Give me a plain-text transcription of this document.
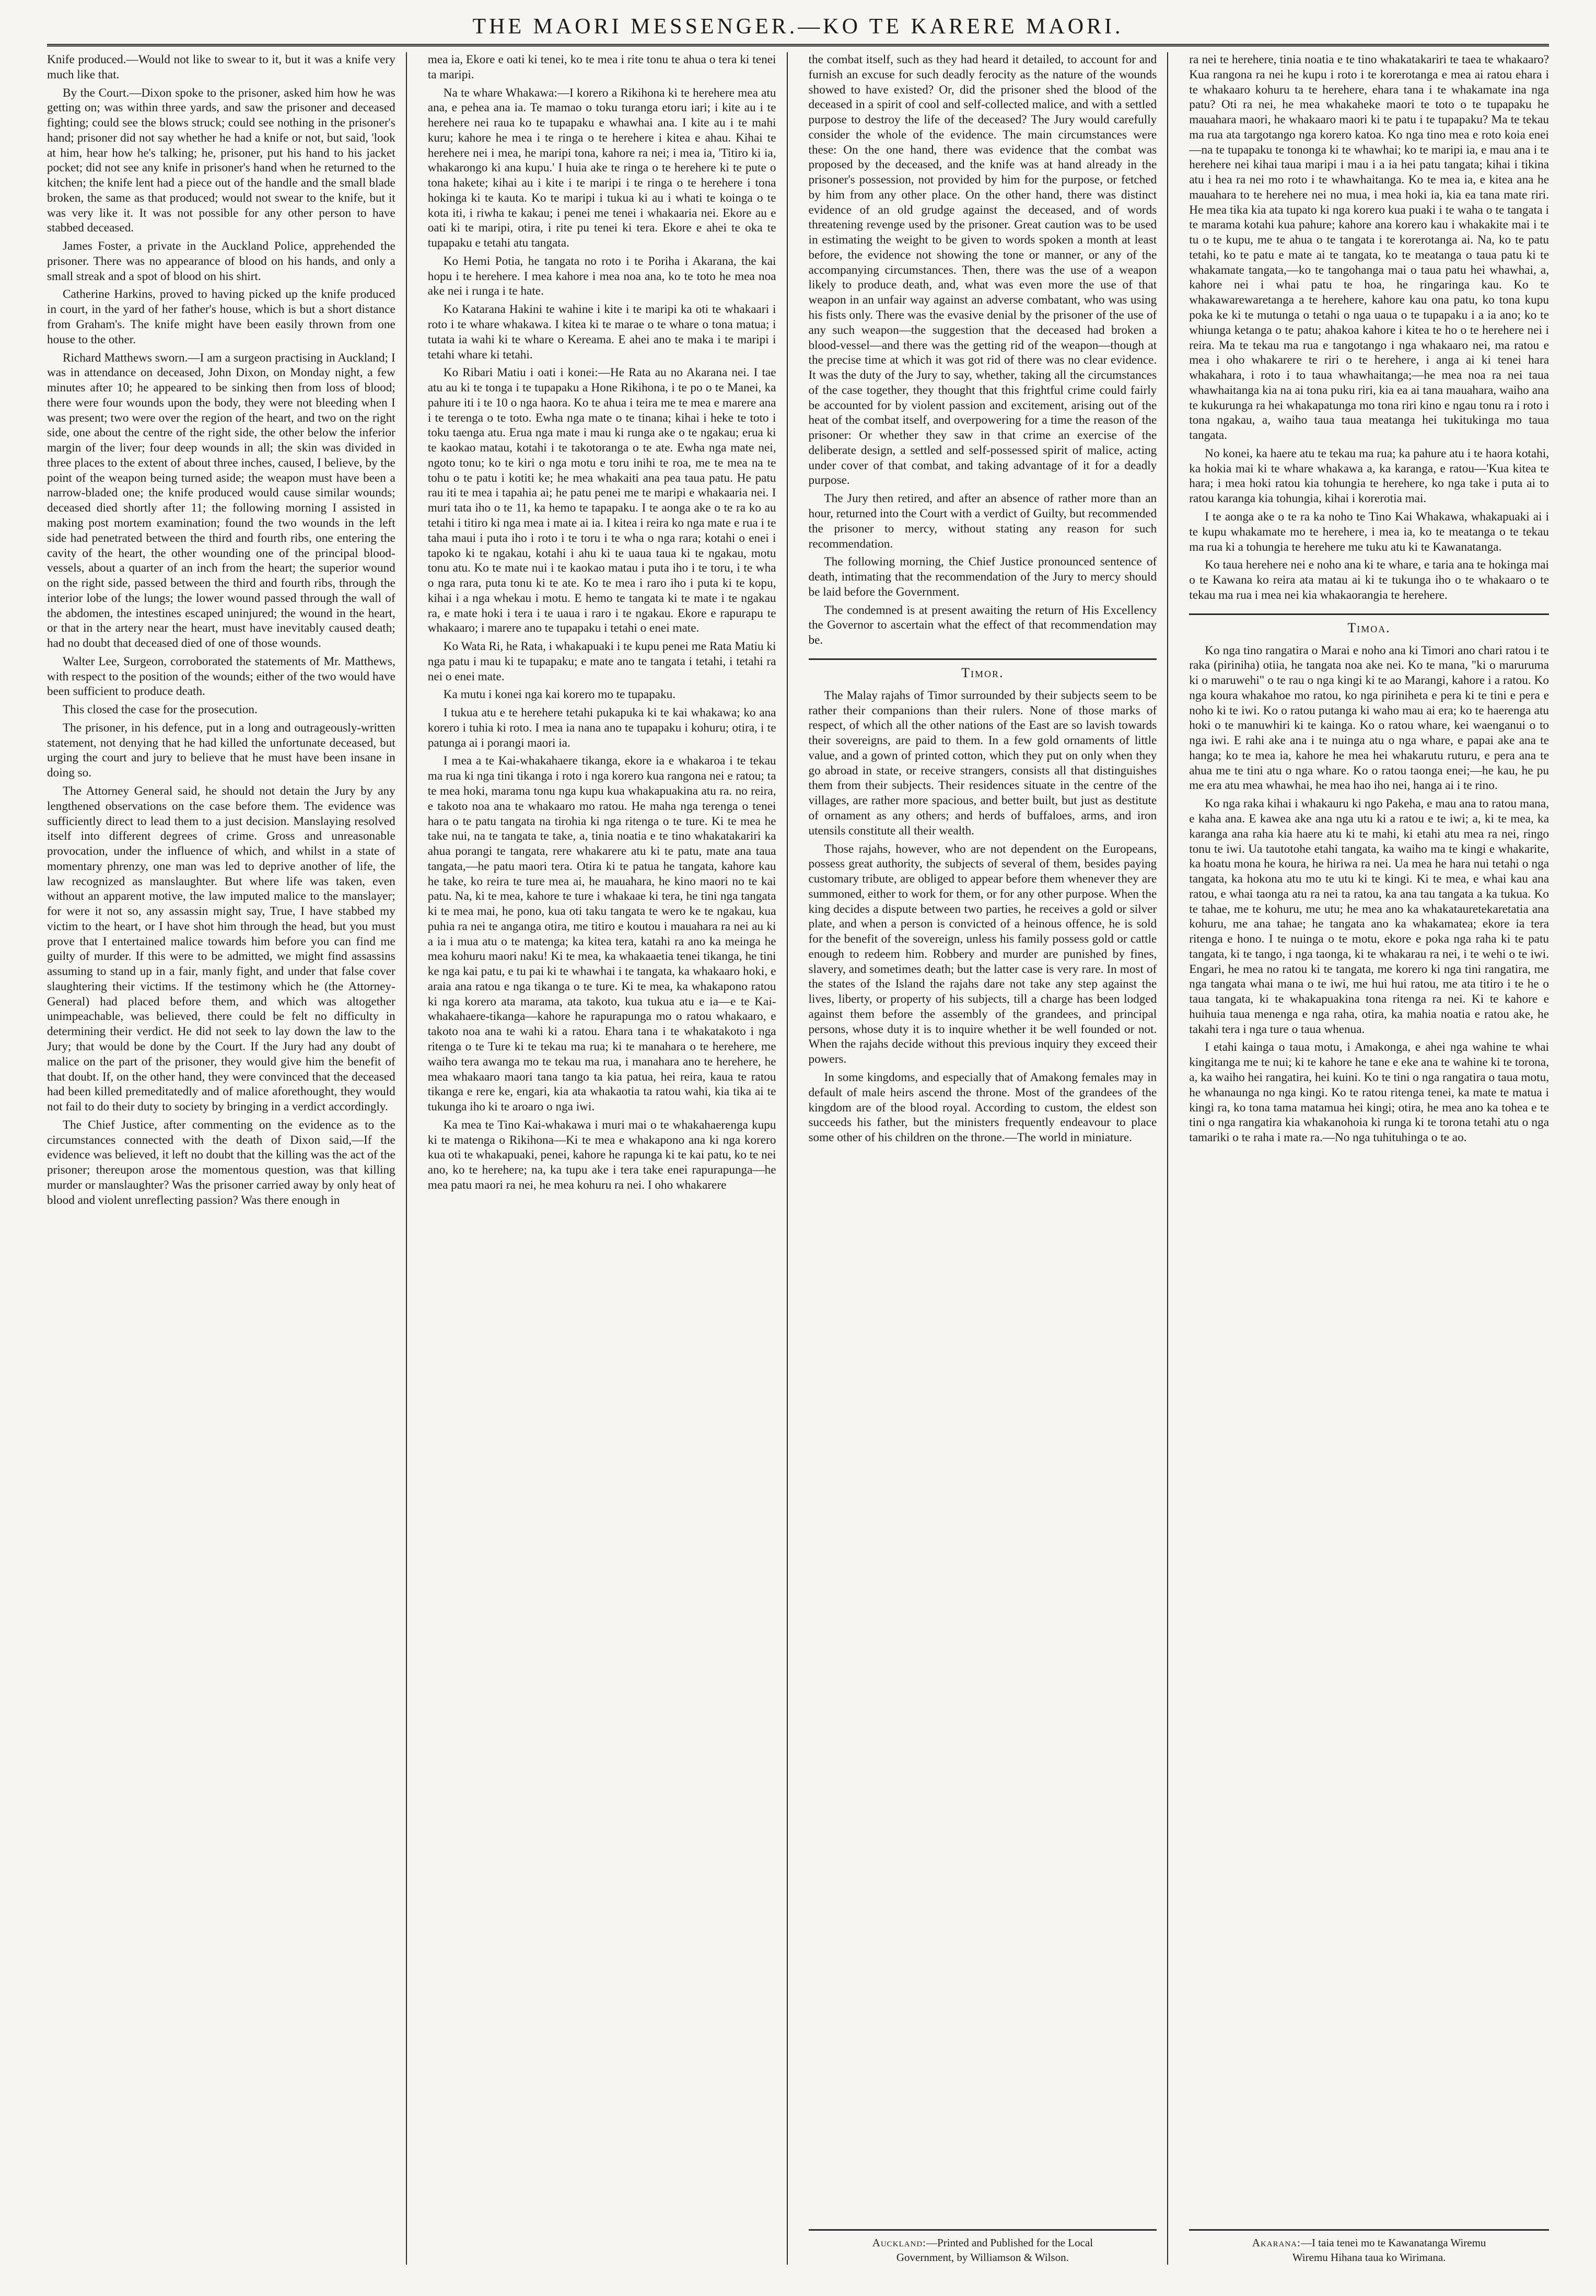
THE MAORI MESSENGER.—KO TE KARERE MAORI.

Knife produced.—Would not like to swear to it, but it was a knife very much like that.

By the Court.—Dixon spoke to the prisoner, asked him how he was getting on; was within three yards, and saw the prisoner and deceased fighting; could see the blows struck; could see nothing in the prisoner's hand; prisoner did not say whether he had a knife or not, but said, 'look at him, hear how he's talking; he, prisoner, put his hand to his jacket pocket; did not see any knife in prisoner's hand when he returned to the kitchen; the knife lent had a piece out of the handle and the small blade broken, the same as that produced; would not swear to the knife, but it was very like it. It was not possible for any other person to have stabbed deceased.

James Foster, a private in the Auckland Police, apprehended the prisoner. There was no appearance of blood on his hands, and only a small streak and a spot of blood on his shirt.

Catherine Harkins, proved to having picked up the knife produced in court, in the yard of her father's house, which is but a short distance from Graham's. The knife might have been easily thrown from one house to the other.

Richard Matthews sworn.—I am a surgeon practising in Auckland; I was in attendance on deceased, John Dixon, on Monday night, a few minutes after 10; he appeared to be sinking then from loss of blood; there were four wounds upon the body, they were not bleeding when I was present; two were over the region of the heart, and two on the right side, one about the centre of the right side, the other below the inferior margin of the liver; four deep wounds in all; the skin was divided in three places to the extent of about three inches, caused, I believe, by the point of the weapon being turned aside; the weapon must have been a narrow-bladed one; the knife produced would cause similar wounds; deceased died shortly after 11; the following morning I assisted in making post mortem examination; found the two wounds in the left side had penetrated between the third and fourth ribs, one entering the cavity of the heart, the other wounding one of the principal blood-vessels, about a quarter of an inch from the heart; the superior wound on the right side, passed between the third and fourth ribs, through the interior lobe of the lungs; the lower wound passed through the wall of the abdomen, the intestines escaped uninjured; the wound in the heart, or that in the artery near the heart, must have inevitably caused death; had no doubt that deceased died of one of those wounds.

Walter Lee, Surgeon, corroborated the statements of Mr. Matthews, with respect to the position of the wounds; either of the two would have been sufficient to produce death.

This closed the case for the prosecution.

The prisoner, in his defence, put in a long and outrageously-written statement, not denying that he had killed the unfortunate deceased, but urging the court and jury to believe that he must have been insane in doing so.

The Attorney General said, he should not detain the Jury by any lengthened observations on the case before them. The evidence was sufficiently direct to lead them to a just decision. Manslaying resolved itself into different degrees of crime. Gross and unreasonable provocation, under the influence of which, and whilst in a state of momentary phrenzy, one man was led to deprive another of life, the law recognized as manslaughter. But where life was taken, even without an apparent motive, the law imputed malice to the manslayer; for were it not so, any assassin might say, True, I have stabbed my victim to the heart, or I have shot him through the head, but you must prove that I entertained malice towards him before you can find me guilty of murder. If this were to be admitted, we might find assassins assuming to stand up in a fair, manly fight, and under that false cover slaughtering their victims. If the testimony which he (the Attorney-General) had placed before them, and which was altogether unimpeachable, was believed, there could be felt no difficulty in determining their verdict. He did not seek to lay down the law to the Jury; that would be done by the Court. If the Jury had any doubt of malice on the part of the prisoner, they would give him the benefit of that doubt. If, on the other hand, they were convinced that the deceased had been killed premeditatedly and of malice aforethought, they would not fail to do their duty to society by bringing in a verdict accordingly.

The Chief Justice, after commenting on the evidence as to the circumstances connected with the death of Dixon said,—If the evidence was believed, it left no doubt that the killing was the act of the prisoner; thereupon arose the momentous question, was that killing murder or manslaughter? Was the prisoner carried away by only heat of blood and violent unreflecting passion? Was there enough in

mea ia, Ekore e oati ki tenei, ko te mea i rite tonu te ahua o tera ki tenei ta maripi.

Na te whare Whakawa:—I korero a Rikihona ki te herehere mea atu ana, e pehea ana ia. Te mamao o toku turanga etoru iari; i kite au i te herehere nei raua ko te tupapaku e whawhai ana. I kite au i te mahi kuru; kahore he mea i te ringa o te herehere i kitea e ahau. Kihai te herehere nei i mea, he maripi tona, kahore ra nei; i mea ia, 'Titiro ki ia, whakarongo ki ana kupu.' I huia ake te ringa o te herehere ki te pute o tona hakete; kihai au i kite i te maripi i te ringa o te herehere i tona hokinga ki te kauta. Ko te maripi i tukua ki au i whati te koinga o te kota iti, i riwha te kakau; i penei me tenei i whakaaria nei. Ekore au e oati ki te maripi, otira, i rite pu tenei ki tera. Ekore e ahei te oka te tupapaku e tetahi atu tangata.

Ko Hemi Potia, he tangata no roto i te Poriha i Akarana, the kai hopu i te herehere. I mea kahore i mea noa ana, ko te toto he mea noa ake nei i runga i te hate.

Ko Katarana Hakini te wahine i kite i te maripi ka oti te whakaari i roto i te whare whakawa. I kitea ki te marae o te whare o tona matua; i tutata ia wahi ki te whare o Kereama. E ahei ano te maka i te maripi i tetahi whare ki tetahi.

Ko Ribari Matiu i oati i konei:—He Rata au no Akarana nei. I tae atu au ki te tonga i te tupapaku a Hone Rikihona, i te po o te Manei, ka pahure iti i te 10 o nga haora. Ko te ahua i teira me te mea e marere ana i te terenga o te toto. Ewha nga mate o te tinana; kihai i heke te toto i toku taenga atu. Erua nga mate i mau ki runga ake o te ngakau; erua ki te kaokao matau, kotahi i te takotoranga o te ate. Ewha nga mate nei, ngoto tonu; ko te kiri o nga motu e toru inihi te roa, me te mea na te tohu o te patu i kotiti ke; he mea whakaiti ana pea taua patu. He patu rau iti te mea i tapahia ai; he patu penei me te maripi e whakaaria nei. I muri tata iho o te 11, ka hemo te tapapaku. I te aonga ake o te ra ko au tetahi i titiro ki nga mea i mate ai ia. I kitea i reira ko nga mate e rua i te taha maui i puta iho i roto i te toru i te wha o nga rara; kotahi o enei i tapoko ki te ngakau, kotahi i ahu ki te uaua taua ki te ngakau, motu tonu atu. Ko te mate nui i te kaokao matau i puta iho i te toru, i te wha o nga rara, puta tonu ki te ate. Ko te mea i raro iho i puta ki te kopu, kihai i a nga whekau i motu. E hemo te tangata ki te mate i te ngakau ra, e mate hoki i tera i te uaua i raro i te ngakau. Ekore e rapurapu te whakaaro; i marere ano te tupapaku i tetahi o enei mate.

Ko Wata Ri, he Rata, i whakapuaki i te kupu penei me Rata Matiu ki nga patu i mau ki te tupapaku; e mate ano te tangata i tetahi, i tetahi ra nei o enei mate.

Ka mutu i konei nga kai korero mo te tupapaku.

I tukua atu e te herehere tetahi pukapuka ki te kai whakawa; ko ana korero i tuhia ki roto. I mea ia nana ano te tupapaku i kohuru; otira, i te patunga ai i porangi maori ia.

I mea a te Kai-whakahaere tikanga, ekore ia e whakaroa i te tekau ma rua ki nga tini tikanga i roto i nga korero kua rangona nei e ratou; ta te mea hoki, marama tonu nga kupu kua whakapuakina atu ra. no reira, e takoto noa ana te whakaaro mo ratou. He maha nga terenga o tenei hara o te patu tangata na tirohia ki nga ritenga o te ture. Ki te mea he take nui, na te tangata te take, a, tinia noatia e te tino whakatakariri ka ahua porangi te tangata, rere whakarere atu ki te patu, mate ana taua tangata,—he patu maori tera. Otira ki te patua he tangata, kahore kau he take, ko reira te ture mea ai, he mauahara, he kino maori no te kai patu. Na, ki te mea, kahore te ture i whakaae ki tera, he tini nga tangata ki te mea mai, he pono, kua oti taku tangata te wero ke te ngakau, kua puhia ra nei te anganga otira, me titiro e koutou i mauahara ra nei au ki a ia i mua atu o te matenga; ka kitea tera, katahi ra ano ka meinga he mea kohuru maori naku! Ki te mea, ka whakaaetia tenei tikanga, he tini ke nga kai patu, e tu pai ki te whawhai i te tangata, ka whakaaro hoki, e araia ana ratou e nga tikanga o te ture. Ki te mea, ka whakapono ratou ki nga korero ata marama, ata takoto, kua tukua atu e ia—e te Kai-whakahaere-tikanga—kahore he rapurapunga mo o ratou whakaaro, e takoto noa ana te wahi ki a ratou. Ehara tana i te whakatakoto i nga ritenga o te Ture ki te tekau ma rua; ki te manahara o te herehere, me waiho tera awanga mo te tekau ma rua, i manahara ano te herehere, he mea whakaaro maori tana tango ta kia patua, hei reira, kaua te ratou tikanga e rere ke, engari, kia ata whakaotia ta ratou wahi, kia tika ai te tukunga iho ki te aroaro o nga iwi.

Ka mea te Tino Kai-whakawa i muri mai o te whakahaerenga kupu ki te matenga o Rikihona—Ki te mea e whakapono ana ki nga korero kua oti te whakapuaki, penei, kahore he rapunga ki te kai patu, ko te nei ano, ko te herehere; na, ka tupu ake i tera take enei rapurapunga—he mea patu maori ra nei, he mea kohuru ra nei. I oho whakarere

the combat itself, such as they had heard it detailed, to account for and furnish an excuse for such deadly ferocity as the nature of the wounds showed to have existed? Or, did the prisoner shed the blood of the deceased in a spirit of cool and self-collected malice, and with a settled purpose to destroy the life of the deceased? The Jury would carefully consider the whole of the evidence. The main circumstances were these: On the one hand, there was evidence that the combat was proposed by the deceased, and the knife was at hand already in the prisoner's possession, not provided by him for the purpose, or fetched by him from any other place. On the other hand, there was distinct evidence of an old grudge against the deceased, and of words threatening revenge used by the prisoner. Great caution was to be used in estimating the weight to be given to words spoken a month at least before, the evidence not showing the tone or manner, or any of the accompanying circumstances. Then, there was the use of a weapon likely to produce death, and, what was even more the use of that weapon in an unfair way against an adverse combatant, who was using his fists only. There was the evasive denial by the prisoner of the use of any such weapon—the suggestion that the deceased had broken a blood-vessel—and there was the getting rid of the weapon—though at the precise time at which it was got rid of there was no clear evidence. It was the duty of the Jury to say, whether, taking all the circumstances of the case together, they thought that this frightful crime could fairly be accounted for by violent passion and excitement, arising out of the heat of the combat itself, and overpowering for a time the reason of the prisoner: Or whether they saw in that crime an exercise of the deliberate design, a settled and self-possessed spirit of malice, acting under cover of that combat, and taking advantage of it for a deadly purpose.

The Jury then retired, and after an absence of rather more than an hour, returned into the Court with a verdict of Guilty, but recommended the prisoner to mercy, without stating any reason for such recommendation.

The following morning, the Chief Justice pronounced sentence of death, intimating that the recommendation of the Jury to mercy should be laid before the Government.

The condemned is at present awaiting the return of His Excellency the Governor to ascertain what the effect of that recommendation may be.

Timor.

The Malay rajahs of Timor surrounded by their subjects seem to be rather their companions than their rulers. None of those marks of respect, of which all the other nations of the East are so lavish towards their sovereigns, are paid to them. In a few gold ornaments of little value, and a gown of printed cotton, which they put on only when they go abroad in state, or receive strangers, consists all that distinguishes them from their subjects. Their residences situate in the centre of the villages, are rather more spacious, and better built, but just as destitute of ornament as any others; and herds of buffaloes, arms, and iron utensils constitute all their wealth.

Those rajahs, however, who are not dependent on the Europeans, possess great authority, the subjects of several of them, besides paying customary tribute, are obliged to appear before them whenever they are summoned, either to work for them, or for any other purpose. When the king decides a dispute between two parties, he receives a gold or silver plate, and when a person is convicted of a heinous offence, he is sold for the benefit of the sovereign, unless his family possess gold or cattle enough to redeem him. Robbery and murder are punished by fines, slavery, and sometimes death; but the latter case is very rare. In most of the states of the Island the rajahs dare not take any step against the lives, liberty, or property of his subjects, till a charge has been lodged against them before the assembly of the grandees, and principal persons, whose duty it is to inquire whether it be well founded or not. When the rajahs decide without this previous inquiry they exceed their powers.

In some kingdoms, and especially that of Amakong females may in default of male heirs ascend the throne. Most of the grandees of the kingdom are of the blood royal. According to custom, the eldest son succeeds his father, but the ministers frequently endeavour to place some other of his children on the throne.—The world in miniature.

Auckland:—Printed and Published for the Local
Government, by Williamson & Wilson.

ra nei te herehere, tinia noatia e te tino whakatakariri te taea te whakaaro? Kua rangona ra nei he kupu i roto i te korerotanga e mea ai ratou ehara i te whakaaro kohuru ta te herehere, ehara tana i te whakamate ina nga patu? Oti ra nei, he mea whakaheke maori te toto o te tupapaku he mauahara maori, he whakaaro maori ki te patu i te tupapaku? Ma te tekau ma rua ata targotango nga korero katoa. Ko nga tino mea e roto koia enei—na te tupapaku te tononga ki te whawhai; ko te maripi ia, e mau ana i te herehere nei kihai taua maripi i mau i a ia hei patu tangata; kihai i tikina atu i hea ra nei mo roto i te whawhaitanga. Ko te mea ia, e kitea ana he mauahara to te herehere nei no mua, i mea hoki ia, kia ea tana mate riri. He mea tika kia ata tupato ki nga korero kua puaki i te waha o te tangata i te marama kotahi kua pahure; kahore ana korero kau i whakakite mai i te tu o te kupu, me te ahua o te tangata i te korerotanga ai. Na, ko te patu tetahi, ko te patu e mate ai te tangata, ko te meatanga o taua patu ki te whakamate tangata,—ko te tangohanga mai o taua patu hei whawhai, a, kahore nei i whai patu te hoa, he ringaringa kau. Ko te whakawarewaretanga a te herehere, kahore kau ona patu, ko tona kupu poka ke ki te mutunga o tetahi o nga uaua o te tupapaku i a ia ano; ko te whiunga ketanga o te patu; ahakoa kahore i kitea te ho o te herehere nei i reira. Ma te tekau ma rua e tangotango i nga whakaaro nei, ma ratou e mea i oho whakarere te riri o te herehere, i anga ai ki tenei hara whakahara, i roto i to taua whawhaitanga;—he mea noa ra nei taua whawhaitanga kia na ai tona puku riri, kia ea ai tana mauahara, waiho ana te kukurunga ra hei whakapatunga mo tona riri kino e ngau tonu ra i roto i tona ngakau, a, waiho taua taua meatanga hei tukitukinga mo taua tangata.

No konei, ka haere atu te tekau ma rua; ka pahure atu i te haora kotahi, ka hokia mai ki te whare whakawa a, ka karanga, e ratou—'Kua kitea te hara; i mea hoki ratou kia tohungia te herehere, ko nga take i puta ai to ratou karanga kia tohungia, kihai i korerotia mai.

I te aonga ake o te ra ka noho te Tino Kai Whakawa, whakapuaki ai i te kupu whakamate mo te herehere, i mea ia, ko te meatanga o te tekau ma rua ki a tohungia te herehere me tuku atu ki te Kawanatanga.

Ko taua herehere nei e noho ana ki te whare, e taria ana te hokinga mai o te Kawana ko reira ata matau ai ki te tukunga iho o te whakaaro o te tekau ma rua i mea nei kia whakaorangia te herehere.

Timoa.

Ko nga tino rangatira o Marai e noho ana ki Timori ano chari ratou i te raka (piriniha) otiia, he tangata noa ake nei. Ko te mana, "ki o maruruma ki o maruwehi" o te rau o nga kingi ki te ao Marangi, kahore i a ratou. Ko nga koura whakahoe mo ratou, ko nga piriniheta e pera ki te tini e pera e noho ki te iwi. Ko o ratou putanga ki waho mau ai era; ko te haerenga atu hoki o te manuwhiri ki te kainga. Ko o ratou whare, kei waenganui o to nga iwi. E rahi ake ana i te nuinga atu o nga whare, e papai ake ana te hanga; ko te mea ia, kahore he mea hei whakarutu ruturu, e pera ana te ahua me te tini atu o nga whare. Ko o ratou taonga enei;—he kau, he pu me era atu mea whawhai, he mea hao iho nei, hanga ai i te rino.

Ko nga raka kihai i whakauru ki ngo Pakeha, e mau ana to ratou mana, e kaha ana. E kawea ake ana nga utu ki a ratou e te iwi; a, ki te mea, ka karanga ana raha kia haere atu ki te mahi, ki etahi atu mea ra nei, ringo tonu te iwi. Ua tautotohe etahi tangata, ka waiho ma te kingi e whakarite, ka hoatu mona he koura, he hiriwa ra nei. Ua mea he hara nui tetahi o nga tangata, ka hokona atu mo te utu ki te kingi. Ki te mea, e whai kau ana ratou, e whai taonga atu ra nei ta ratou, ka ana tau tangata a ka tukua. Ko te tahae, me te kohuru, me utu; he mea ano ka whakatauretekaretatia ana kohuru, me ana tahae; he tangata ano ka whakamatea; ekore ia tera ritenga e hono. I te nuinga o te motu, ekore e poka nga raha ki te patu tangata, ki te tango, i nga taonga, ki te whakarau ra nei, i te wehi o te iwi. Engari, he mea no ratou ki te tangata, me korero ki nga tini rangatira, me nga tangata whai mana o te iwi, me hui hui ratou, me ata titiro i te he o taua tangata, ki te whakapuakina tona ritenga ra nei. Ki te kahore e huihuia taua menenga e nga raha, otira, ka mahia noatia e ratou ake, he takahi tera i nga ture o taua whenua.

I etahi kainga o taua motu, i Amakonga, e ahei nga wahine te whai kingitanga me te nui; ki te kahore he tane e eke ana te wahine ki te torona, a, ka waiho hei rangatira, hei kuini. Ko te tini o nga rangatira o taua motu, he whanaunga no nga kingi. Ko te ratou ritenga tenei, ka mate te matua i kingi ra, ko tona tama matamua hei kingi; otira, he mea ano ka tohea e te tini o nga rangatira kia whakanohoia ki runga ki te torona tetahi atu o nga tamariki o te raha i mate ra.—No nga tuhituhinga o te ao.

Akarana:—I taia tenei mo te Kawanatanga Wiremu
Wiremu Hihana taua ko Wirimana.
